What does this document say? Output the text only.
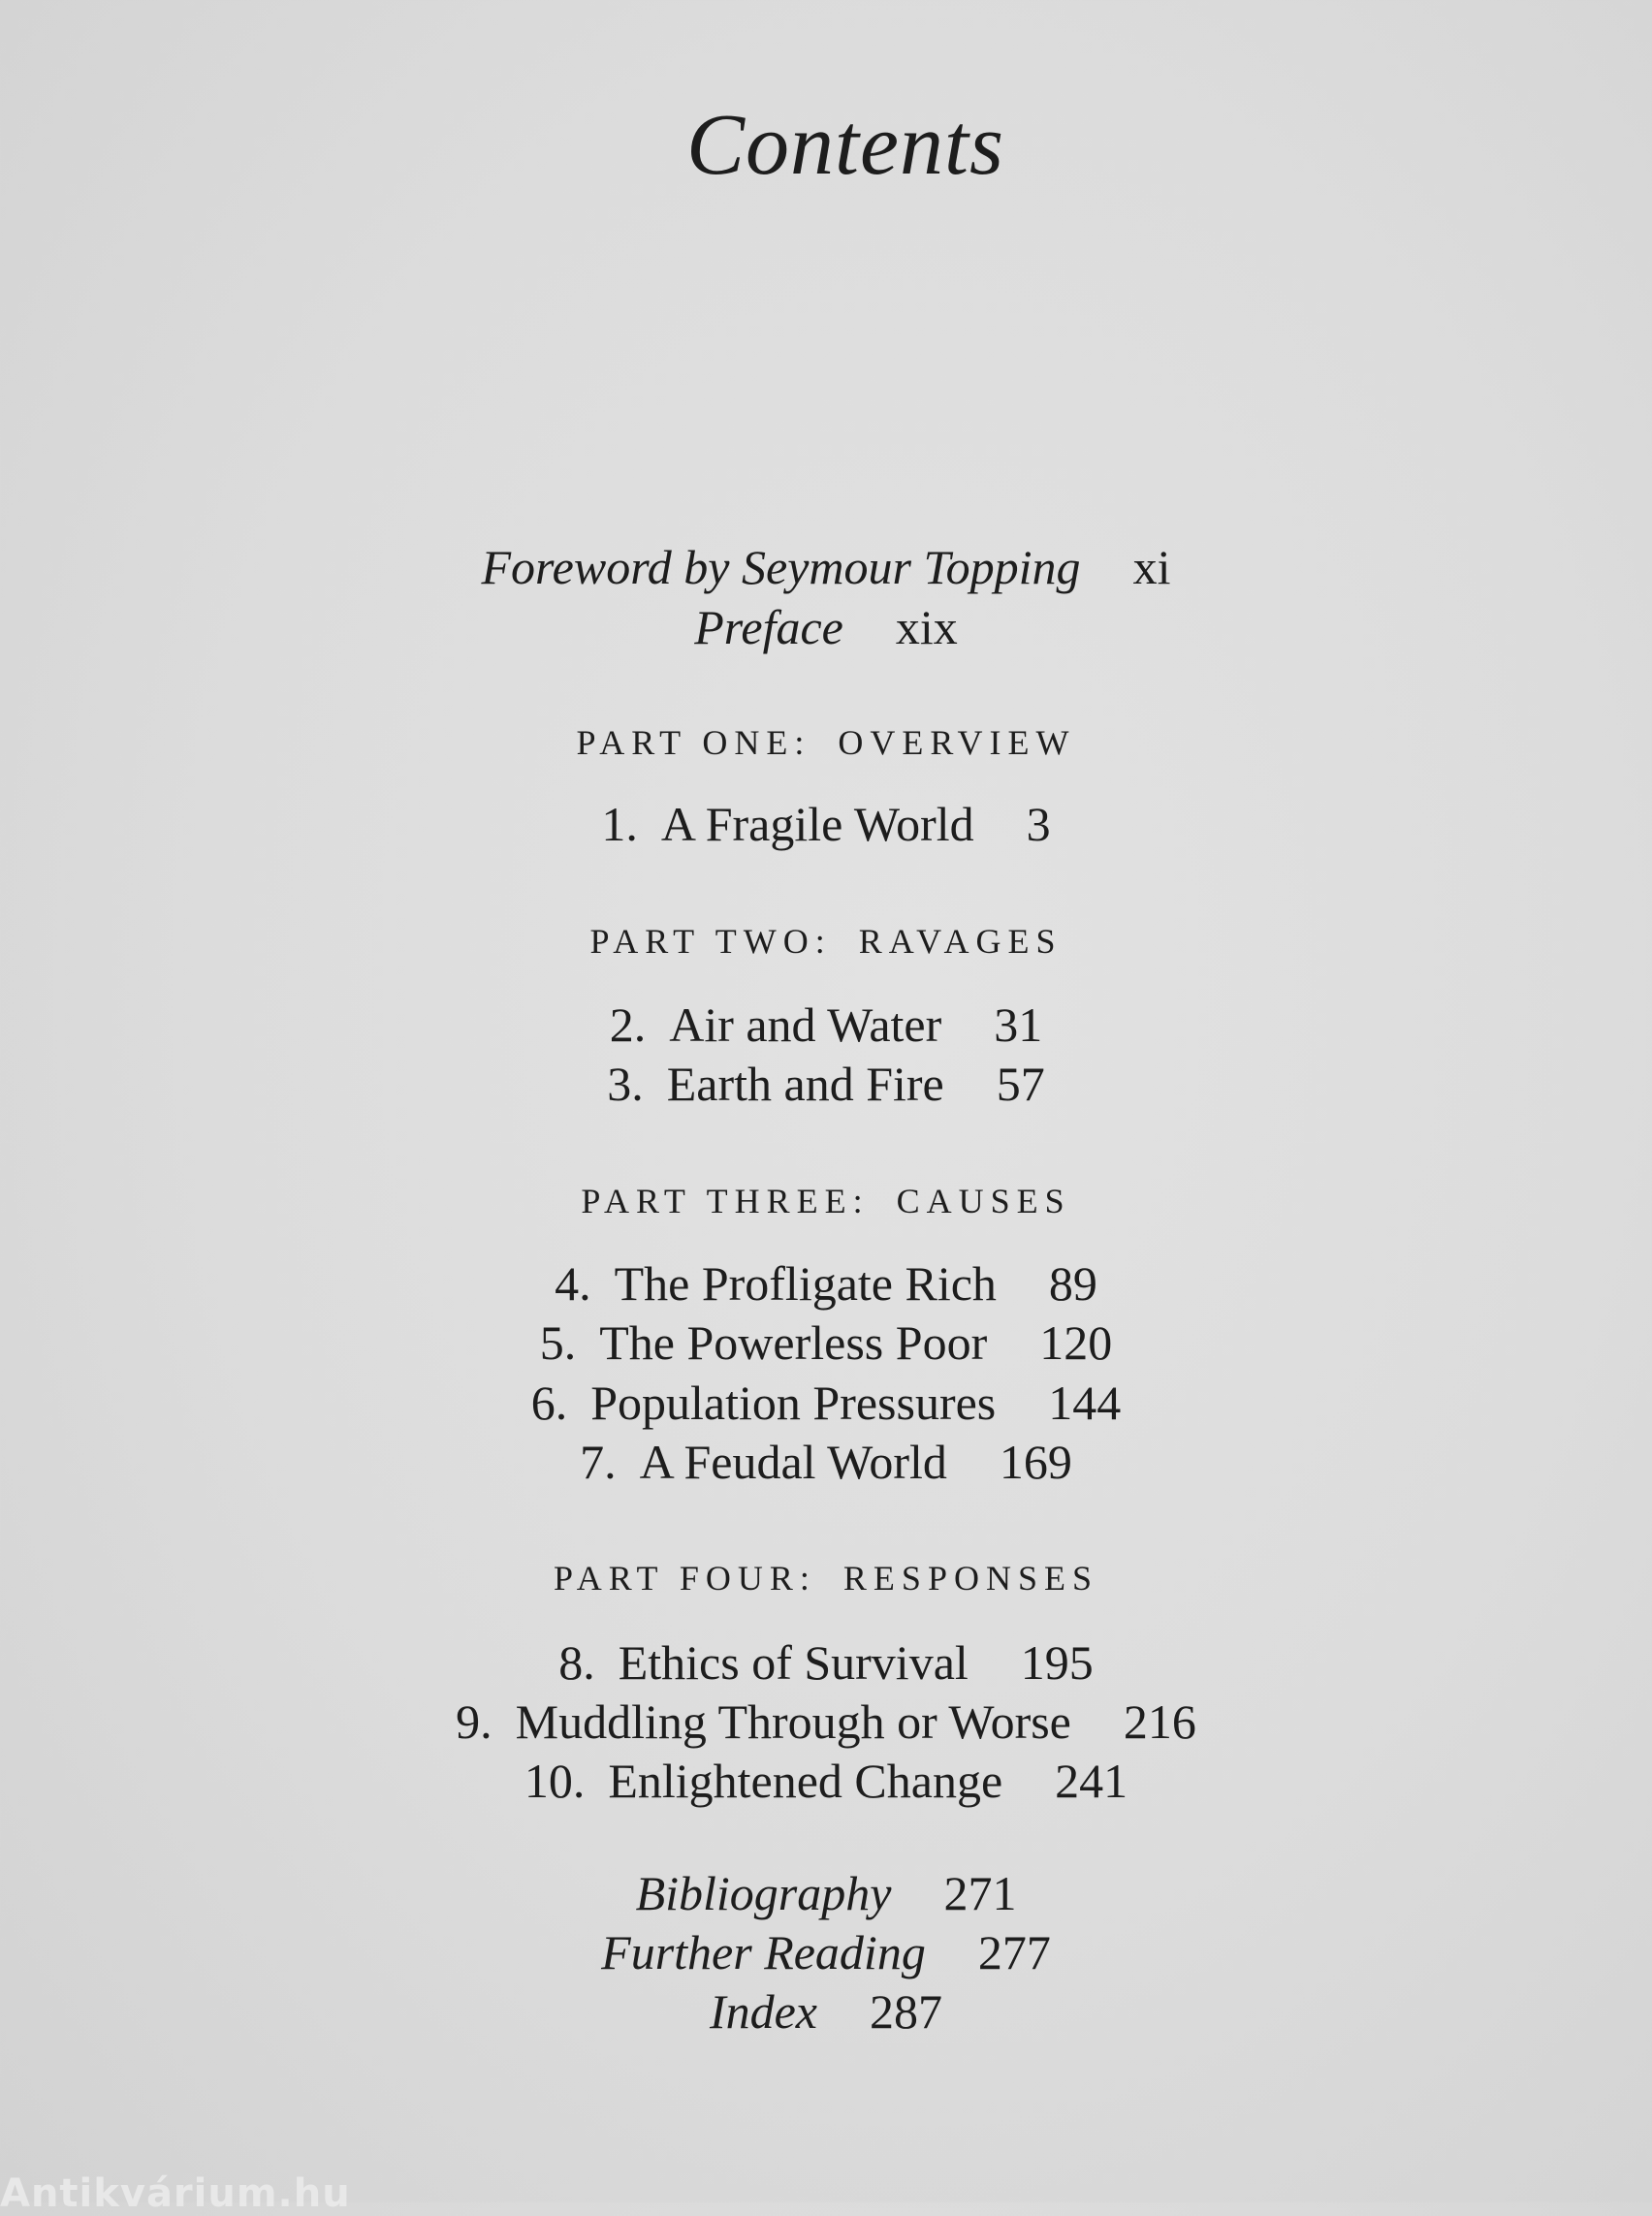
Contents
Foreword by Seymour Topping xi
Preface xix
PART ONE: OVERVIEW
1. A Fragile World 3
PART TWO: RAVAGES
2. Air and Water 31
3. Earth and Fire 57
PART THREE: CAUSES
4. The Profligate Rich 89
5. The Powerless Poor 120
6. Population Pressures 144
7. A Feudal World 169
PART FOUR: RESPONSES
8. Ethics of Survival 195
9. Muddling Through or Worse 216
10. Enlightened Change 241
Bibliography 271
Further Reading 277
Index 287
Antikvárium.hu
